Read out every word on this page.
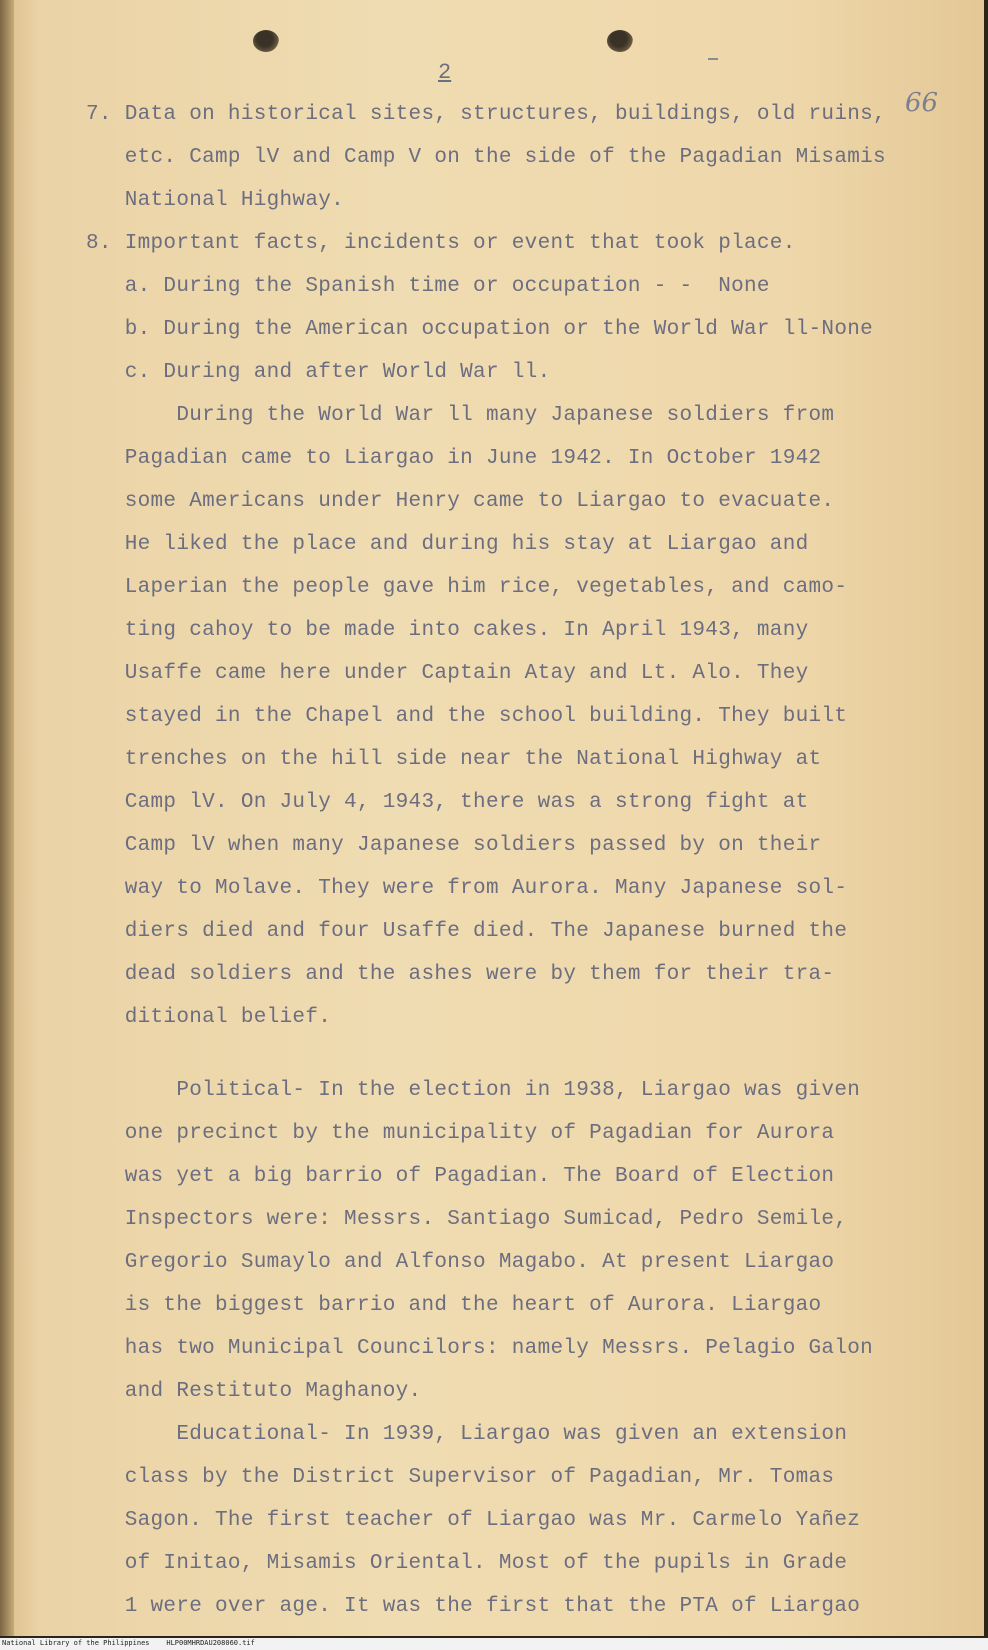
2
66
7. Data on historical sites, structures, buildings, old ruins,
etc. Camp lV and Camp V on the side of the Pagadian Misamis
National Highway.
8. Important facts, incidents or event that took place.
a. During the Spanish time or occupation - -  None
b. During the American occupation or the World War ll-None
c. During and after World War ll.
During the World War ll many Japanese soldiers from
Pagadian came to Liargao in June 1942. In October 1942
some Americans under Henry came to Liargao to evacuate.
He liked the place and during his stay at Liargao and
Laperian the people gave him rice, vegetables, and camo-
ting cahoy to be made into cakes. In April 1943, many
Usaffe came here under Captain Atay and Lt. Alo. They
stayed in the Chapel and the school building. They built
trenches on the hill side near the National Highway at
Camp lV. On July 4, 1943, there was a strong fight at
Camp lV when many Japanese soldiers passed by on their
way to Molave. They were from Aurora. Many Japanese sol-
diers died and four Usaffe died. The Japanese burned the
dead soldiers and the ashes were by them for their tra-
ditional belief.
Political- In the election in 1938, Liargao was given
one precinct by the municipality of Pagadian for Aurora
was yet a big barrio of Pagadian. The Board of Election
Inspectors were: Messrs. Santiago Sumicad, Pedro Semile,
Gregorio Sumaylo and Alfonso Magabo. At present Liargao
is the biggest barrio and the heart of Aurora. Liargao
has two Municipal Councilors: namely Messrs. Pelagio Galon
and Restituto Maghanoy.
Educational- In 1939, Liargao was given an extension
class by the District Supervisor of Pagadian, Mr. Tomas
Sagon. The first teacher of Liargao was Mr. Carmelo Yañez
of Initao, Misamis Oriental. Most of the pupils in Grade
1 were over age. It was the first that the PTA of Liargao
National Library of the Philippines    HLP00MHRDAU208060.tif
